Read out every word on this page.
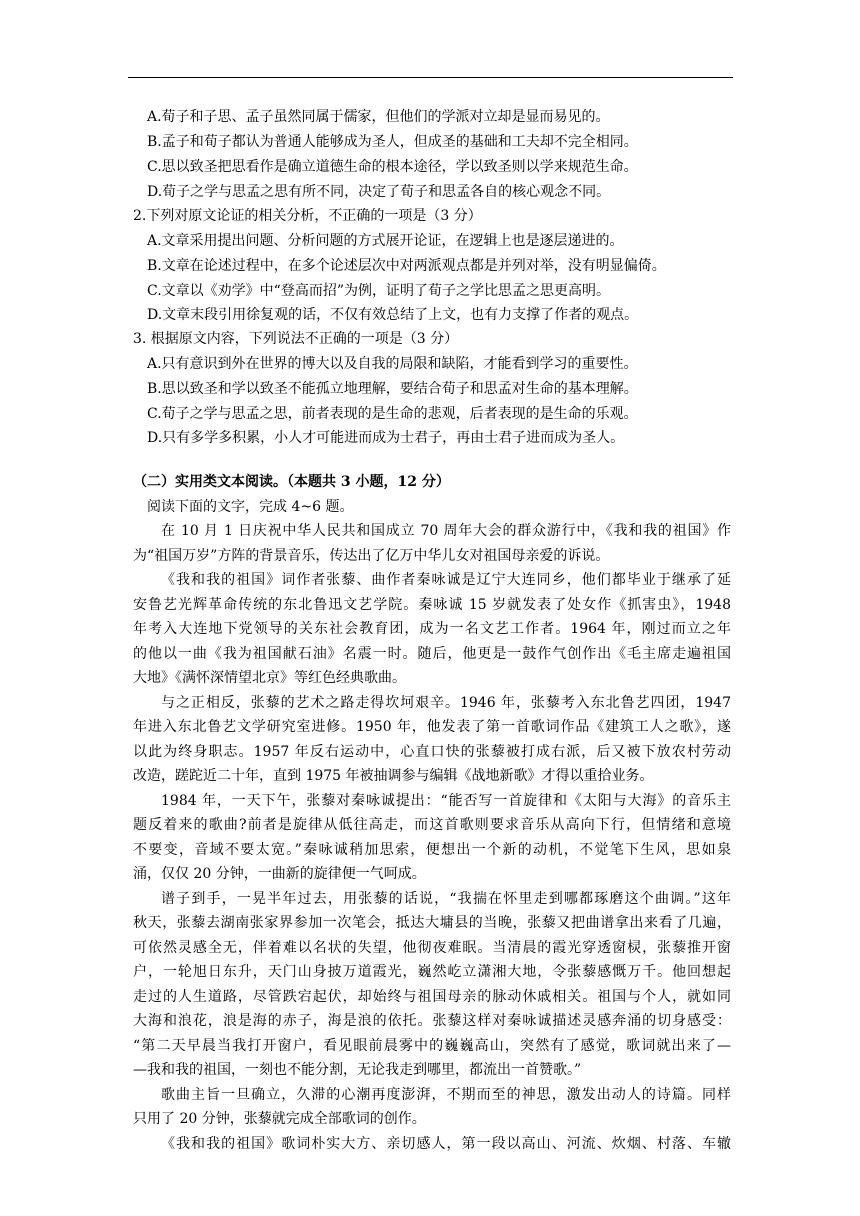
A.荀子和子思、孟子虽然同属于儒家，但他们的学派对立却是显而易见的。
B.孟子和荀子都认为普通人能够成为圣人，但成圣的基础和工夫却不完全相同。
C.思以致圣把思看作是确立道德生命的根本途径，学以致圣则以学来规范生命。
D.荀子之学与思孟之思有所不同，决定了荀子和思孟各自的核心观念不同。
2.下列对原文论证的相关分析，不正确的一项是（3 分）
A.文章采用提出问题、分析问题的方式展开论证，在逻辑上也是逐层递进的。
B.文章在论述过程中，在多个论述层次中对两派观点都是并列对举，没有明显偏倚。
C.文章以《劝学》中“登高而招”为例，证明了荀子之学比思孟之思更高明。
D.文章末段引用徐复观的话，不仅有效总结了上文，也有力支撑了作者的观点。
3. 根据原文内容，下列说法不正确的一项是（3 分）
A.只有意识到外在世界的博大以及自我的局限和缺陷，才能看到学习的重要性。
B.思以致圣和学以致圣不能孤立地理解，要结合荀子和思孟对生命的基本理解。
C.荀子之学与思孟之思，前者表现的是生命的悲观，后者表现的是生命的乐观。
D.只有多学多积累，小人才可能进而成为士君子，再由士君子进而成为圣人。
（二）实用类文本阅读。（本题共 3 小题，12 分）
阅读下面的文字，完成 4~6 题。
在 10 月 1 日庆祝中华人民共和国成立 70 周年大会的群众游行中，《我和我的祖国》作
为“祖国万岁”方阵的背景音乐，传达出了亿万中华儿女对祖国母亲爱的诉说。
《我和我的祖国》词作者张藜、曲作者秦咏诚是辽宁大连同乡，他们都毕业于继承了延
安鲁艺光辉革命传统的东北鲁迅文艺学院。秦咏诚 15 岁就发表了处女作《抓害虫》，1948
年考入大连地下党领导的关东社会教育团，成为一名文艺工作者。1964 年，刚过而立之年
的他以一曲《我为祖国献石油》名震一时。随后，他更是一鼓作气创作出《毛主席走遍祖国
大地》《满怀深情望北京》等红色经典歌曲。
与之正相反，张藜的艺术之路走得坎坷艰辛。1946 年，张藜考入东北鲁艺四团，1947
年进入东北鲁艺文学研究室进修。1950 年，他发表了第一首歌词作品《建筑工人之歌》，遂
以此为终身职志。1957 年反右运动中，心直口快的张藜被打成右派，后又被下放农村劳动
改造，蹉跎近二十年，直到 1975 年被抽调参与编辑《战地新歌》才得以重拾业务。
1984 年，一天下午，张藜对秦咏诚提出：“能否写一首旋律和《太阳与大海》的音乐主
题反着来的歌曲?前者是旋律从低往高走，而这首歌则要求音乐从高向下行，但情绪和意境
不要变，音域不要太宽。”秦咏诚稍加思索，便想出一个新的动机，不觉笔下生风，思如泉
涌，仅仅 20 分钟，一曲新的旋律便一气呵成。
谱子到手，一晃半年过去，用张藜的话说，“我揣在怀里走到哪都琢磨这个曲调。”这年
秋天，张藜去湖南张家界参加一次笔会，抵达大墉县的当晚，张藜又把曲谱拿出来看了几遍，
可依然灵感全无，伴着难以名状的失望，他彻夜难眠。当清晨的霞光穿透窗棂，张藜推开窗
户，一轮旭日东升，天门山身披万道霞光，巍然屹立潇湘大地，令张藜感慨万千。他回想起
走过的人生道路，尽管跌宕起伏，却始终与祖国母亲的脉动休戚相关。祖国与个人，就如同
大海和浪花，浪是海的赤子，海是浪的依托。张藜这样对秦咏诚描述灵感奔涌的切身感受：
“第二天早晨当我打开窗户，看见眼前晨雾中的巍巍高山，突然有了感觉，歌词就出来了—
—我和我的祖国，一刻也不能分割，无论我走到哪里，都流出一首赞歌。”
歌曲主旨一旦确立，久滞的心潮再度澎湃，不期而至的神思，激发出动人的诗篇。同样
只用了 20 分钟，张藜就完成全部歌词的创作。
《我和我的祖国》歌词朴实大方、亲切感人，第一段以高山、河流、炊烟、村落、车辙
